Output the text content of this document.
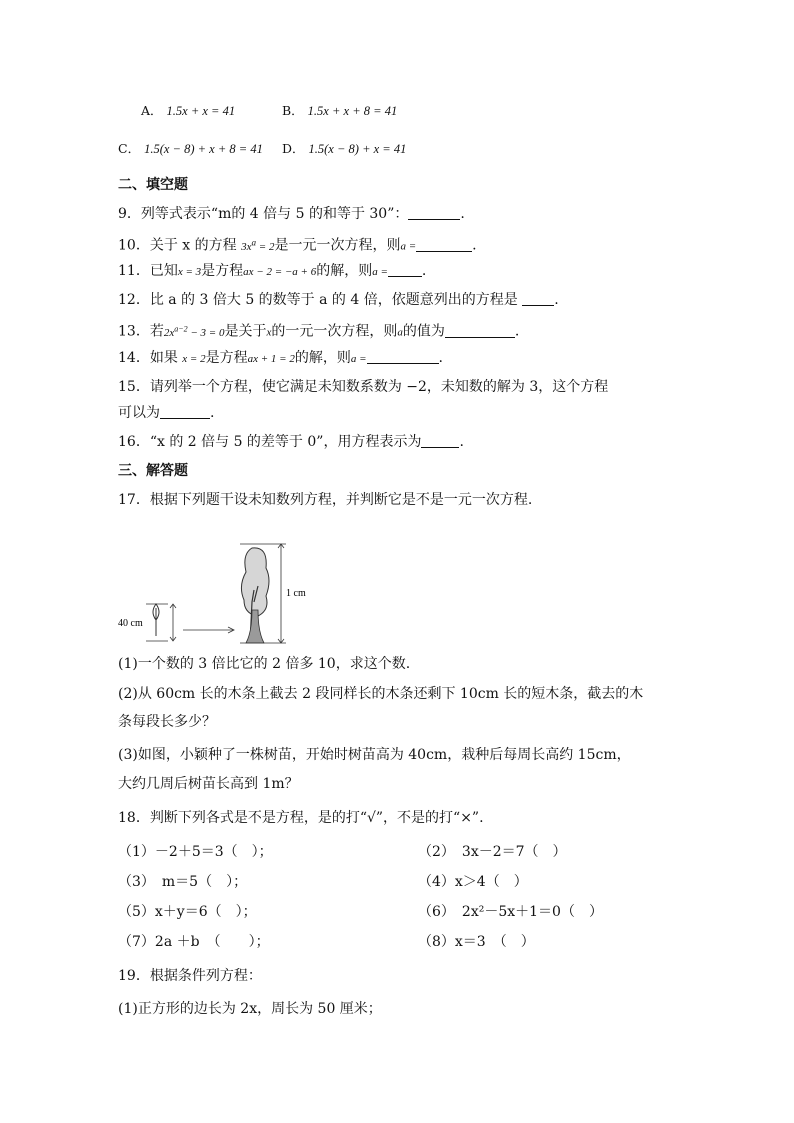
A． 1.5x + x = 41	B． 1.5x + x + 8 = 41
C． 1.5(x − 8) + x + 8 = 41 D． 1.5(x − 8) + x = 41
二、填空题
9．列等式表示“m的 4 倍与 5 的和等于 30”：	.
10．关于 x 的方程 $3x^a = 2$是一元一次方程，则a =	.
11．已知x = 3是方程ax − 2 = −a + 6的解，则a = .
12．比 a 的 3 倍大 5 的数等于 a 的 4 倍，依题意列出的方程是	.
13．若$2x^{a-2} - 3 = 0$是关于x的一元一次方程，则a的值为	.
14．如果 x = 2是方程ax + 1 = 2的解，则a =	.
15．请列举一个方程，使它满足未知数系数为 −2，未知数的解为 3，这个方程
可以为	.
16．“x 的 2 倍与 5 的差等于 0”，用方程表示为	.
三、解答题
17．根据下列题干设未知数列方程，并判断它是不是一元一次方程.
40 cm
1 cm
(1)一个数的 3 倍比它的 2 倍多 10，求这个数.
(2)从 60cm 长的木条上截去 2 段同样长的木条还剩下 10cm 长的短木条，截去的木
条每段长多少？
(3)如图，小颖种了一株树苗，开始时树苗高为 40cm，栽种后每周长高约 15cm，
大约几周后树苗长高到 1m？
18．判断下列各式是不是方程，是的打“√”，不是的打“×”.
（1）－2＋5＝3（　）；	（2）　3x－2＝7（　）
（3）　m＝5（　）；	（4）x＞4（　）
（5）x＋y＝6（　）；	（6）　2x²－5x＋1＝0（　）
（7）2a ＋b　（　　）；	（8）x＝3　（　）
19．根据条件列方程：
(1)正方形的边长为 2x，周长为 50 厘米；
